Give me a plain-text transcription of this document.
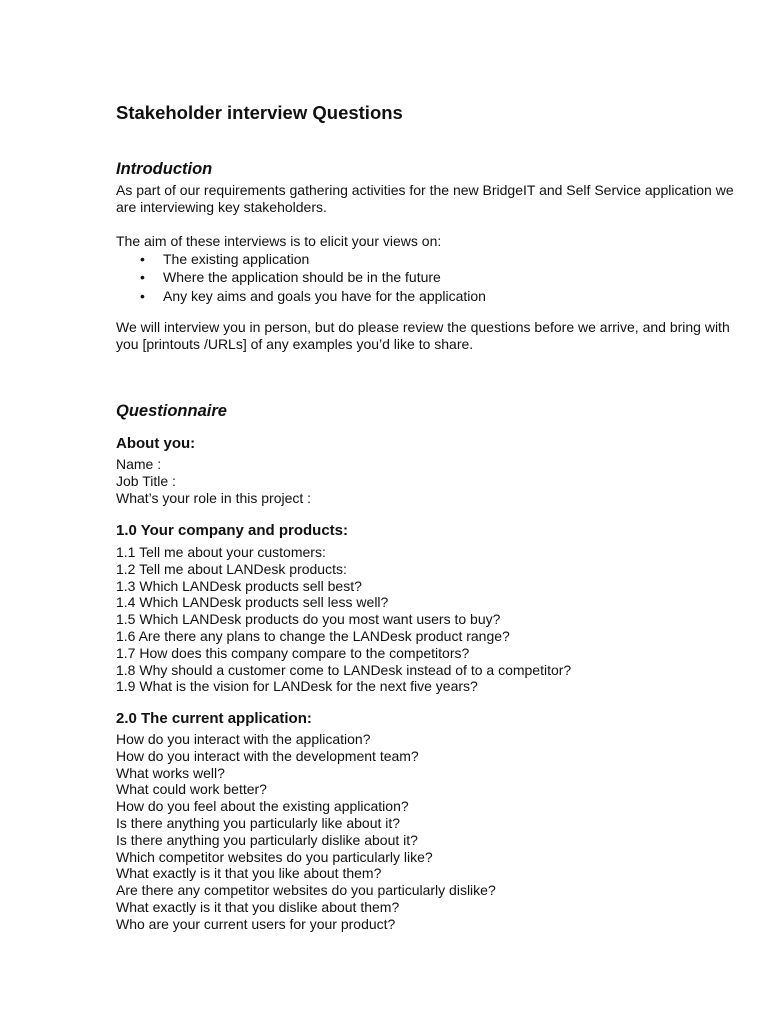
Stakeholder interview Questions
Introduction

As part of our requirements gathering activities for the new BridgeIT and Self Service application we are interviewing key stakeholders.

The aim of these interviews is to elicit your views on:

• The existing application
• Where the application should be in the future
• Any key aims and goals you have for the application

We will interview you in person, but do please review the questions before we arrive, and bring with you [printouts /URLs] of any examples you’d like to share.

Questionnaire
About you:
Name :
Job Title :
What’s your role in this project :
1.0 Your company and products:
1.1 Tell me about your customers:
1.2 Tell me about LANDesk products:
1.3 Which LANDesk products sell best?
1.4 Which LANDesk products sell less well?
1.5 Which LANDesk products do you most want users to buy?
1.6 Are there any plans to change the LANDesk product range?
1.7 How does this company compare to the competitors?
1.8 Why should a customer come to LANDesk instead of to a competitor?
1.9 What is the vision for LANDesk for the next five years?
2.0 The current application:
How do you interact with the application?
How do you interact with the development team?
What works well?
What could work better?
How do you feel about the existing application?
Is there anything you particularly like about it?
Is there anything you particularly dislike about it?
Which competitor websites do you particularly like?
What exactly is it that you like about them?
Are there any competitor websites do you particularly dislike?
What exactly is it that you dislike about them?
Who are your current users for your product?
